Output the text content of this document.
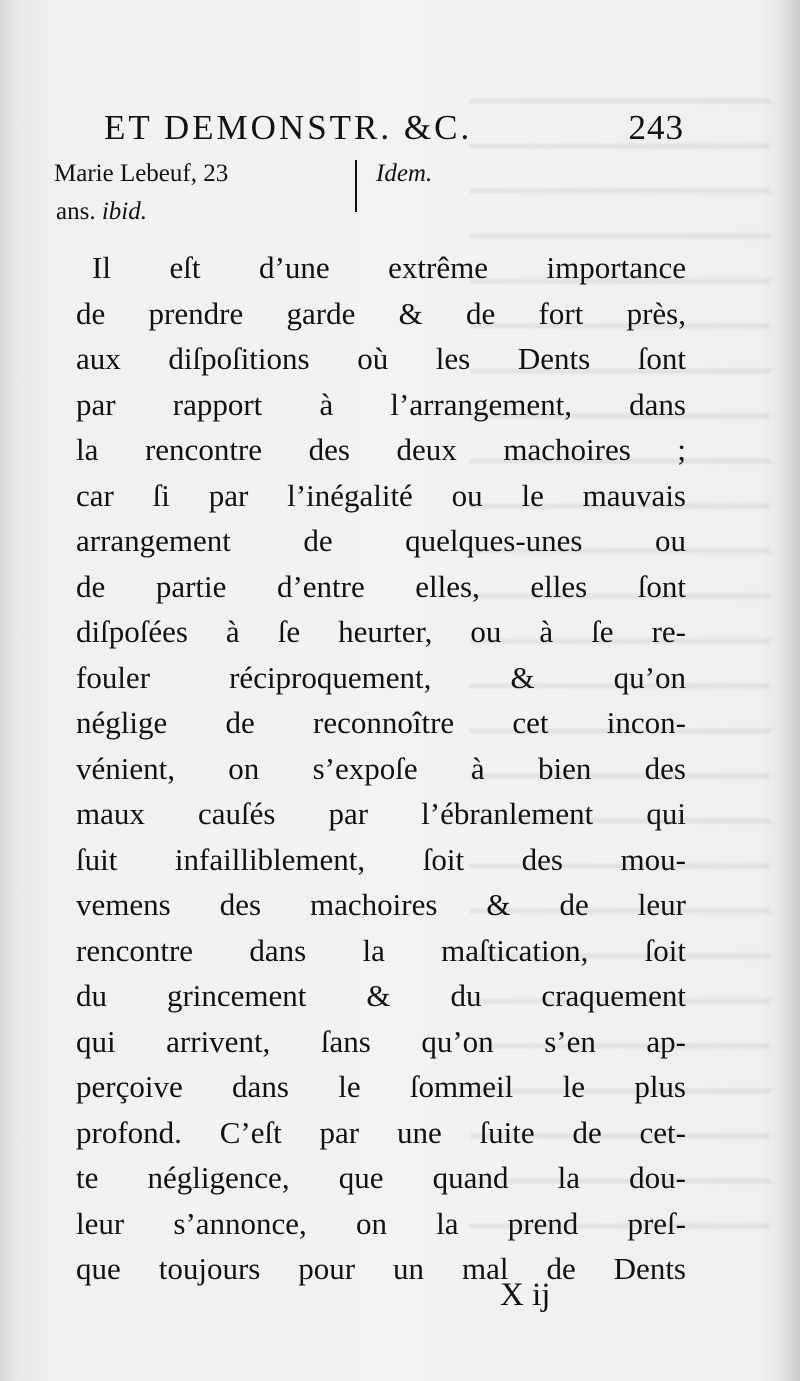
ET DEMONSTR. &C.	243
Marie Lebeuf, 23
ans. ibid.
Idem.
Il eſt d’une extrême importance
de prendre garde & de fort près,
aux diſpoſitions où les Dents ſont
par rapport à l’arrangement, dans
la rencontre des deux machoires ;
car ſi par l’inégalité ou le mauvais
arrangement de quelques-unes ou
de partie d’entre elles, elles ſont
diſpoſées à ſe heurter, ou à ſe re-
fouler réciproquement, & qu’on
néglige de reconnoître cet incon-
vénient, on s’expoſe à bien des
maux cauſés par l’ébranlement qui
ſuit infailliblement, ſoit des mou-
vemens des machoires & de leur
rencontre dans la maſtication, ſoit
du grincement & du craquement
qui arrivent, ſans qu’on s’en ap-
perçoive dans le ſommeil le plus
profond. C’eſt par une ſuite de cet-
te négligence, que quand la dou-
leur s’annonce, on la prend preſ-
que toujours pour un mal de Dents
X ij
